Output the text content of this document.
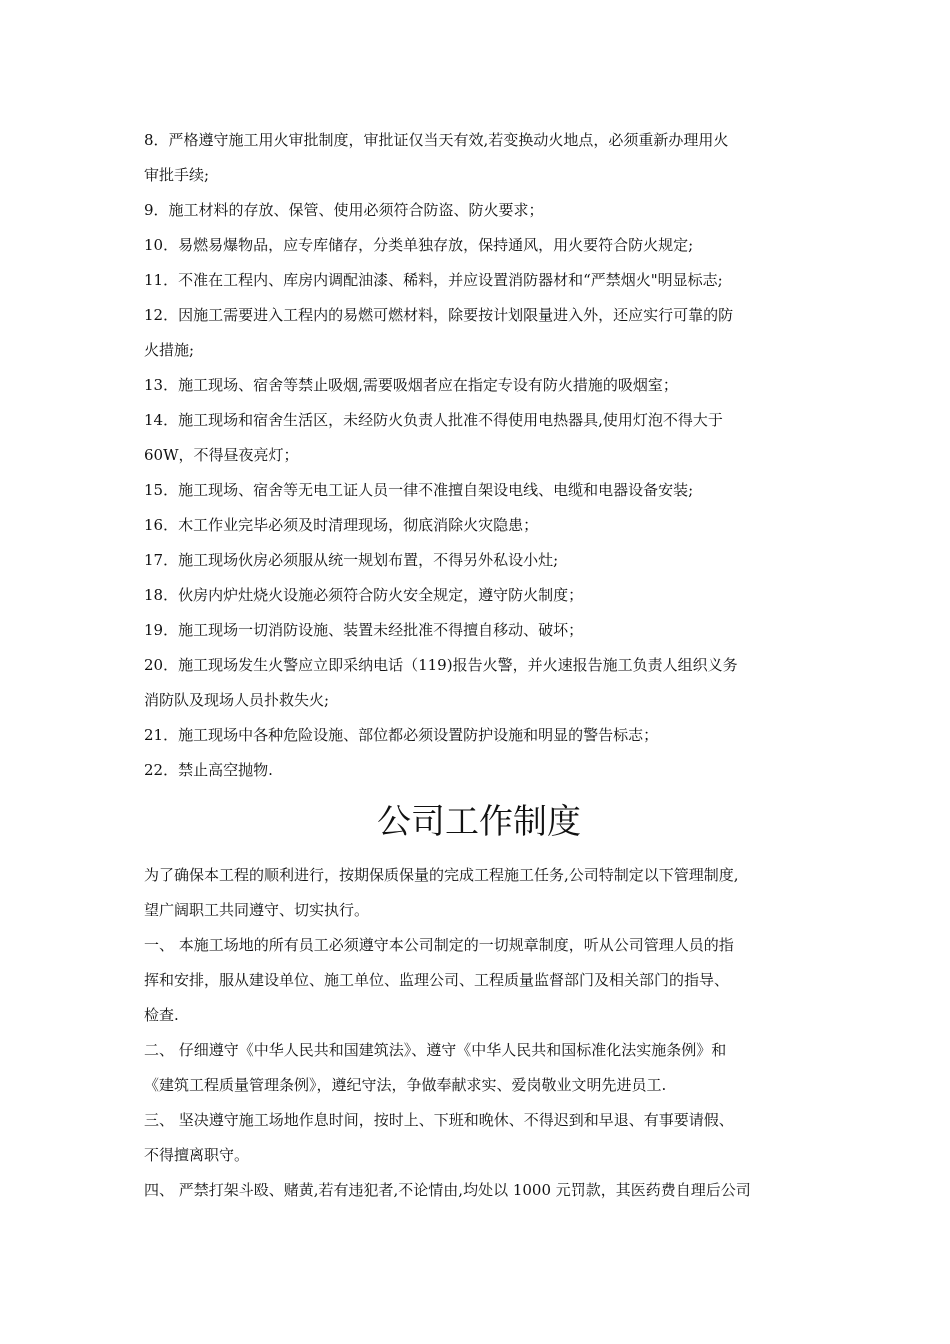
8．严格遵守施工用火审批制度，审批证仅当天有效,若变换动火地点，必须重新办理用火
审批手续;
9．施工材料的存放、保管、使用必须符合防盗、防火要求；
10．易燃易爆物品，应专库储存，分类单独存放，保持通风，用火要符合防火规定;
11．不准在工程内、库房内调配油漆、稀料，并应设置消防器材和“严禁烟火"明显标志;
12．因施工需要进入工程内的易燃可燃材料，除要按计划限量进入外，还应实行可靠的防
火措施;
13．施工现场、宿舍等禁止吸烟,需要吸烟者应在指定专设有防火措施的吸烟室；
14．施工现场和宿舍生活区，未经防火负责人批准不得使用电热器具,使用灯泡不得大于
60W，不得昼夜亮灯；
15．施工现场、宿舍等无电工证人员一律不准擅自架设电线、电缆和电器设备安装;
16．木工作业完毕必须及时清理现场，彻底消除火灾隐患；
17．施工现场伙房必须服从统一规划布置，不得另外私设小灶;
18．伙房内炉灶烧火设施必须符合防火安全规定，遵守防火制度；
19．施工现场一切消防设施、装置未经批准不得擅自移动、破坏；
20．施工现场发生火警应立即采纳电话（119)报告火警，并火速报告施工负责人组织义务
消防队及现场人员扑救失火;
21．施工现场中各种危险设施、部位都必须设置防护设施和明显的警告标志；
22．禁止高空抛物.
公司工作制度
为了确保本工程的顺利进行，按期保质保量的完成工程施工任务,公司特制定以下管理制度,
望广阔职工共同遵守、切实执行。
一、 本施工场地的所有员工必须遵守本公司制定的一切规章制度，听从公司管理人员的指
挥和安排，服从建设单位、施工单位、监理公司、工程质量监督部门及相关部门的指导、
检查.
二、 仔细遵守《中华人民共和国建筑法》、遵守《中华人民共和国标准化法实施条例》和
《建筑工程质量管理条例》，遵纪守法，争做奉献求实、爱岗敬业文明先进员工.
三、 坚决遵守施工场地作息时间，按时上、下班和晚休、不得迟到和早退、有事要请假、
不得擅离职守。
四、 严禁打架斗殴、赌黄,若有违犯者,不论情由,均处以 1000 元罚款，其医药费自理后公司
